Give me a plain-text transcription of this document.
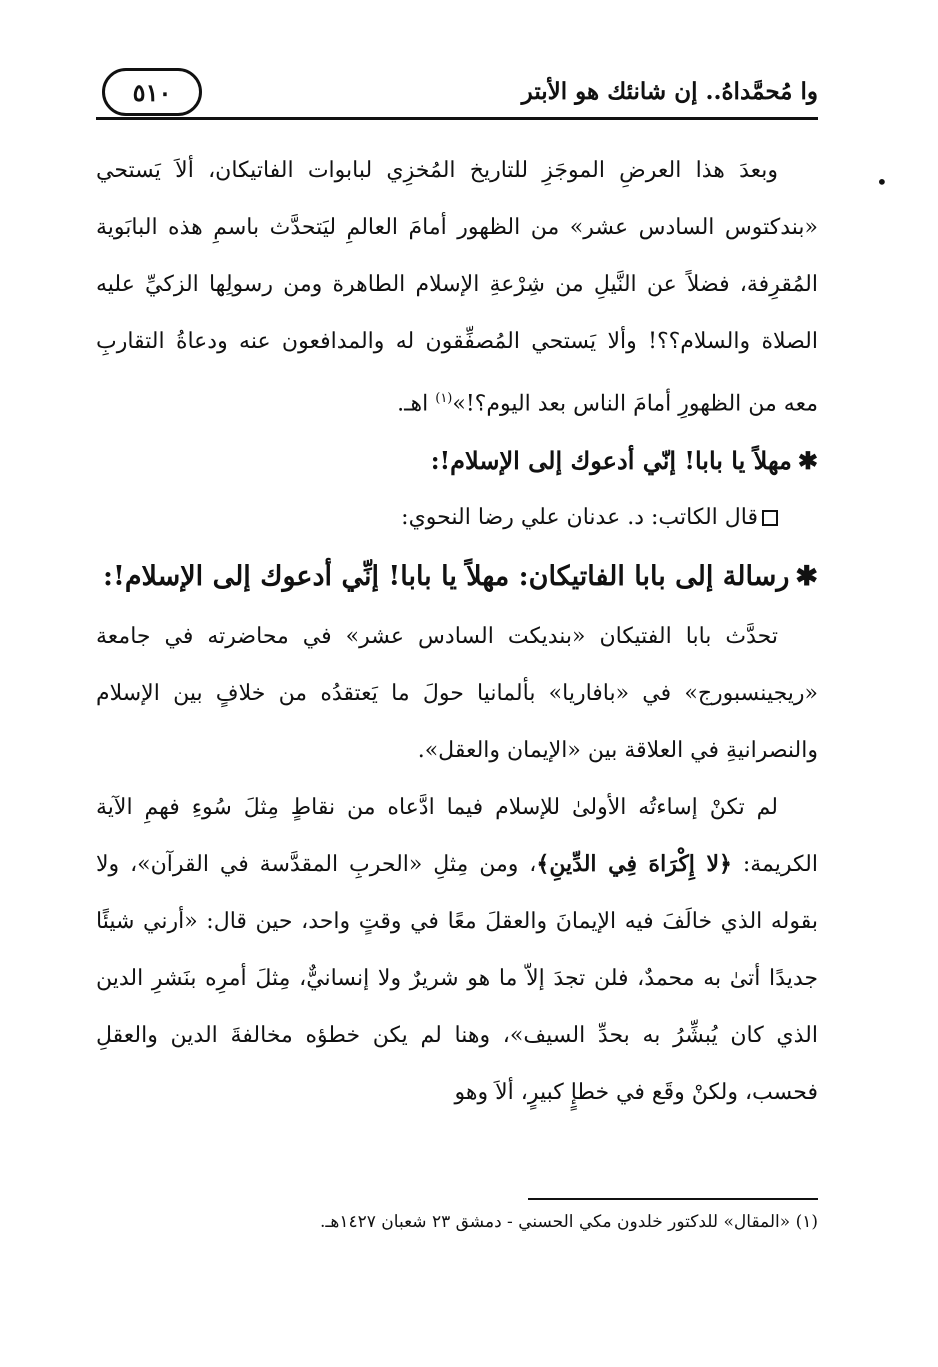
وا مُحمَّداهُ.. إن شانئك هو الأبتر
٥١٠
•

وبعدَ هذا العرضِ الموجَزِ للتاريخ المُخزِي لبابوات الفاتيكان، ألاَ يَستحي «بندكتوس السادس عشر» من الظهور أمامَ العالمِ ليَتحدَّث باسمِ هذه البابَوية المُقرِفة، فضلاً عن النَّيلِ من شِرْعةِ الإسلام الطاهرة ومن رسولِها الزكيِّ عليه الصلاة والسلام؟؟! وألا يَستحي المُصفِّقون له والمدافعون عنه ودعاةُ التقاربِ معه من الظهورِ أمامَ الناس بعد اليوم؟!»$^{(١)}$ اهـ.

✱مهلاً يا بابا! إنّي أدعوك إلى الإسلام!:

قال الكاتب: د. عدنان علي رضا النحوي:

✱رسالة إلى بابا الفاتيكان: مهلاً يا بابا! إنِّي أدعوك إلى الإسلام!:

تحدَّث بابا الفتيكان «بنديكت السادس عشر» في محاضرته في جامعة «ريجينسبورج» في «بافاريا» بألمانيا حولَ ما يَعتقدُه من خلافٍ بين الإسلام والنصرانيةِ في العلاقة بين «الإيمان والعقل».

لم تكنْ إساءتُه الأولىٰ للإسلام فيما ادَّعاه من نقاطٍ مِثلَ سُوءِ فهمِ الآية الكريمة: ﴿لا إِكْرَاهَ فِي الدِّينِ﴾، ومن مِثلِ «الحربِ المقدَّسة في القرآن»، ولا بقوله الذي خالَفَ فيه الإيمانَ والعقلَ معًا في وقتٍ واحد، حين قال: «أرني شيئًا جديدًا أتىٰ به محمدٌ، فلن تجدَ إلاّ ما هو شريرٌ ولا إنسانيٌّ، مِثلَ أمرِه بنَشرِ الدين الذي كان يُبشِّرُ به بحدِّ السيف»، وهنا لم يكن خطؤه مخالفةَ الدين والعقلِ فحسب، ولكنْ وقَع في خطإٍ كبيرٍ، ألاَ وهو

(١) «المقال» للدكتور خلدون مكي الحسني - دمشق ٢٣ شعبان ١٤٢٧هـ.
